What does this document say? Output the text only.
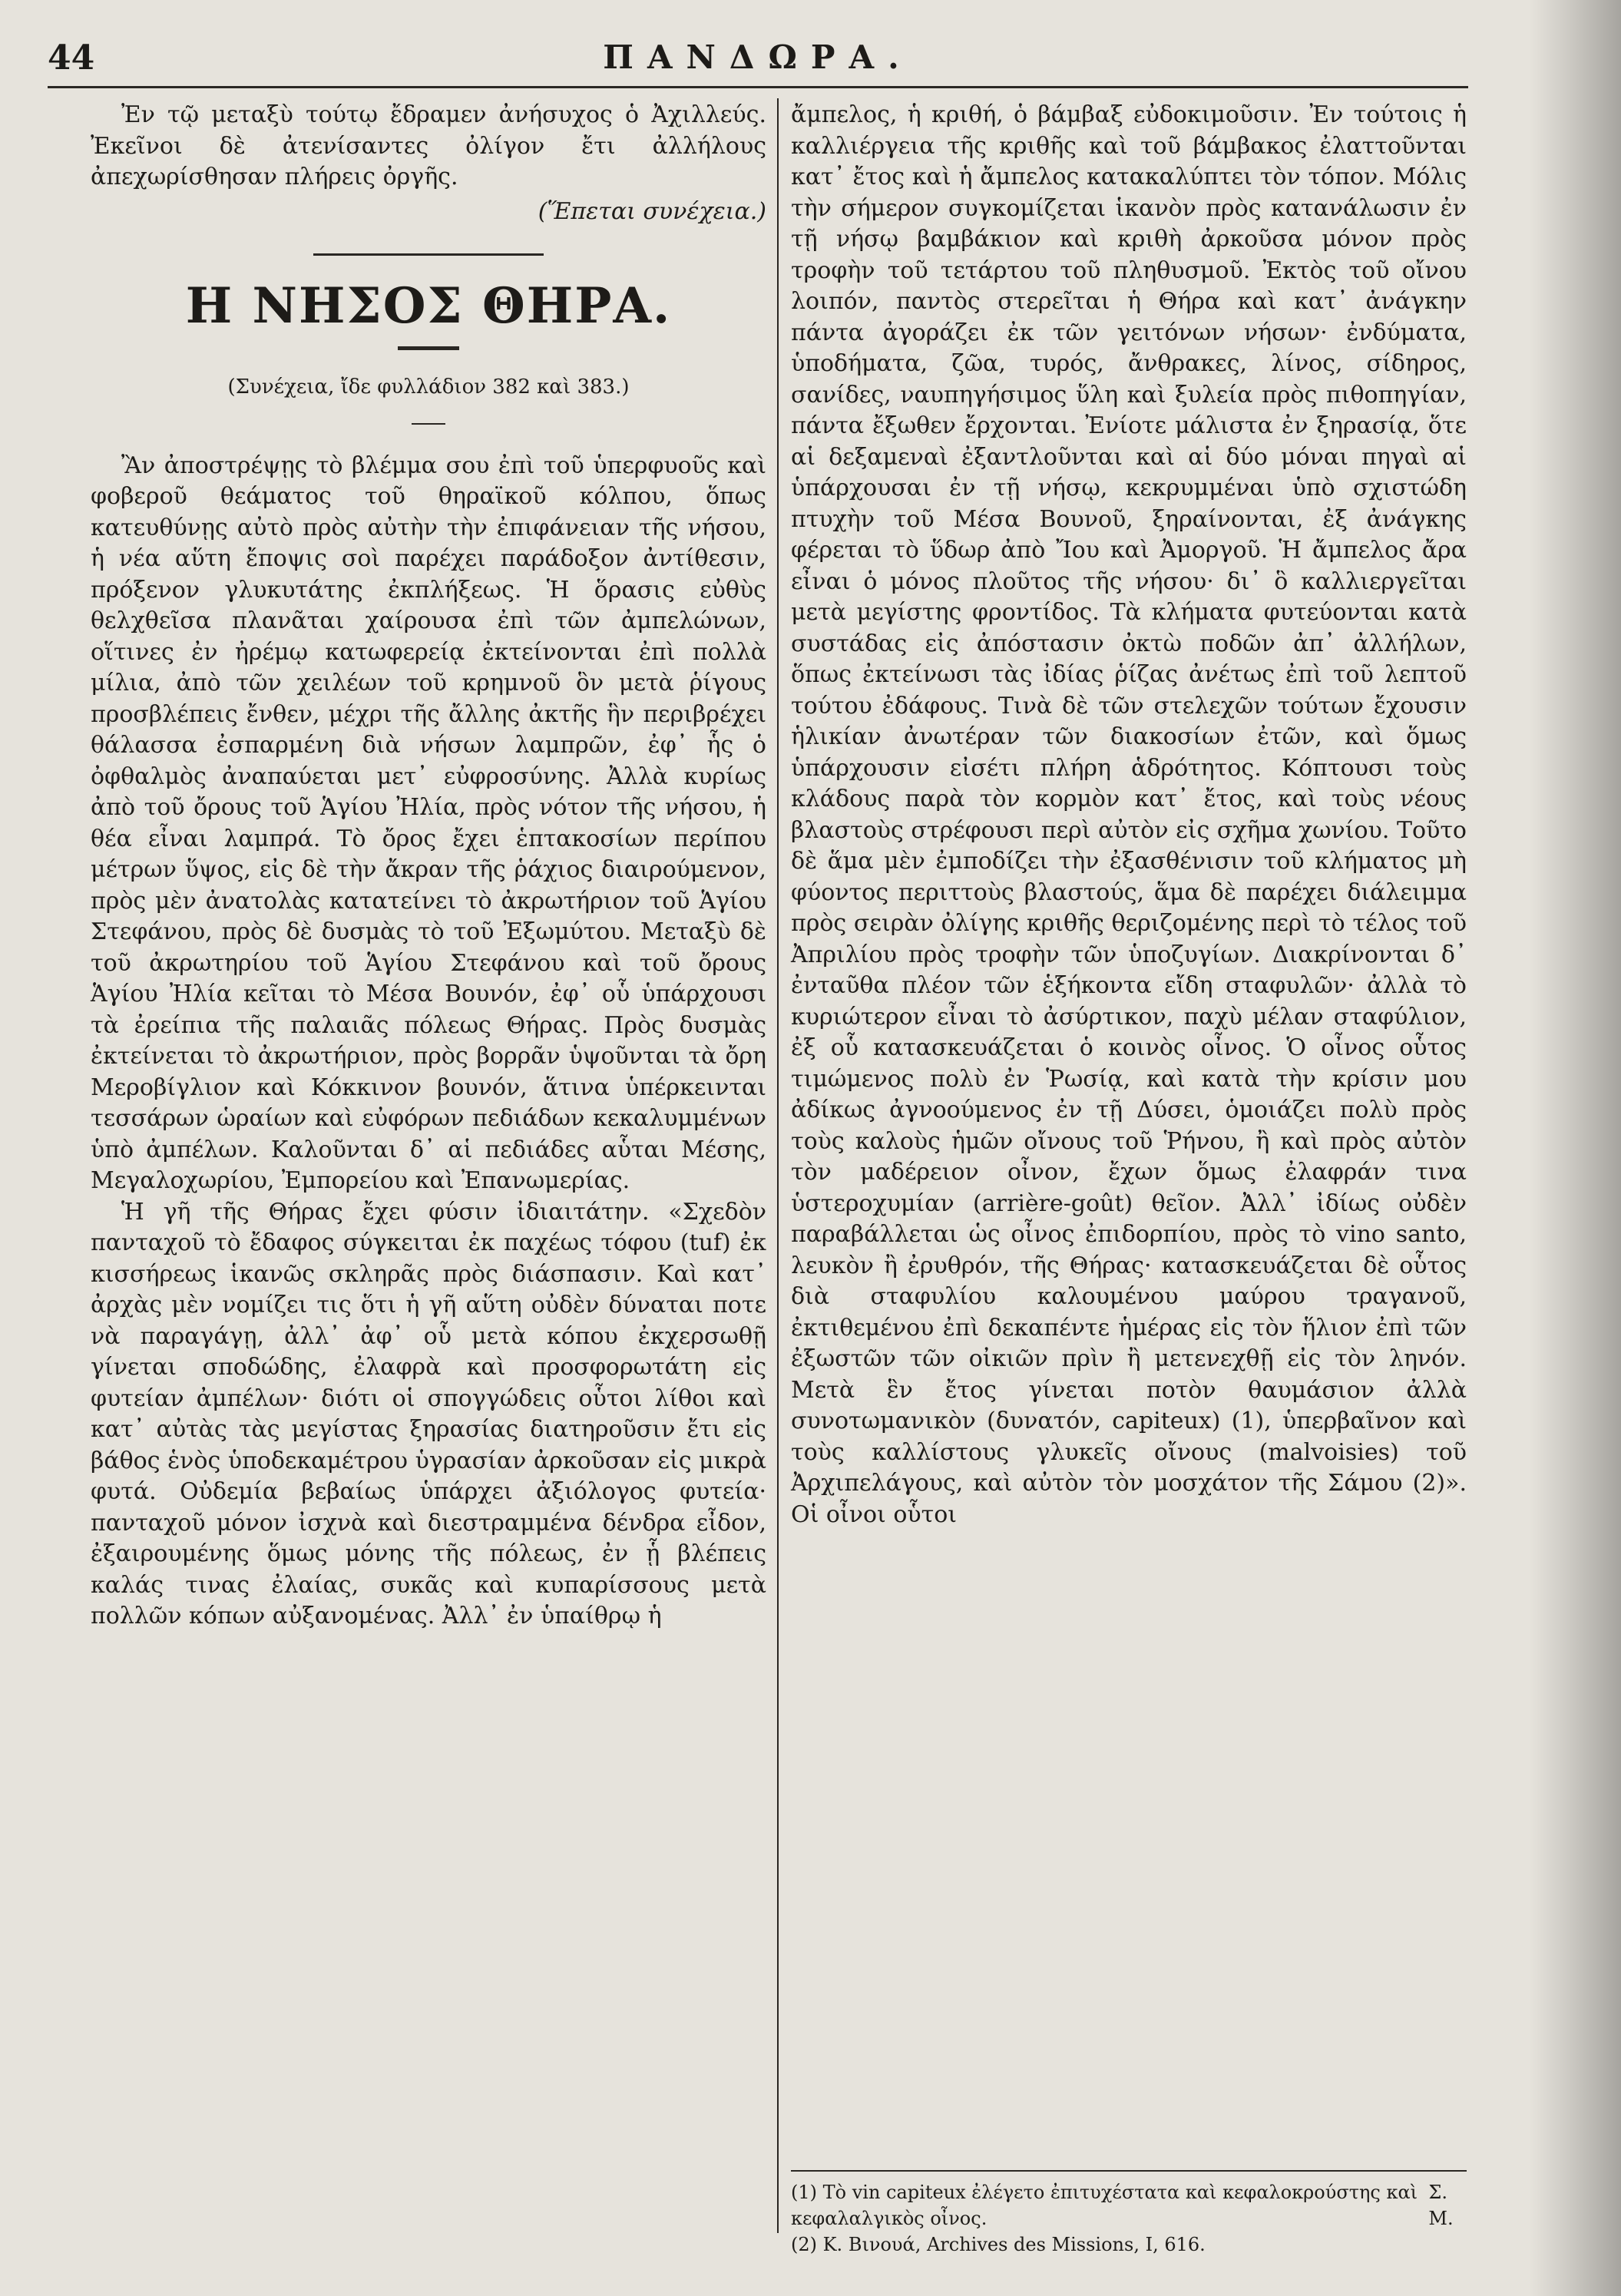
44	ΠΑΝΔΩΡΑ.

Ἐν τῷ μεταξὺ τούτῳ ἔδραμεν ἀνήσυχος ὁ Ἀχιλλεύς. Ἐκεῖνοι δὲ ἀτενίσαντες ὀλίγον ἔτι ἀλλήλους ἀπεχωρίσθησαν πλήρεις ὀργῆς.

(Ἕπεται συνέχεια.)

Η ΝΗΣΟΣ ΘΗΡΑ.

(Συνέχεια, ἴδε φυλλάδιον 382 καὶ 383.)

Ἂν ἀποστρέψῃς τὸ βλέμμα σου ἐπὶ τοῦ ὑπερφυοῦς καὶ φοβεροῦ θεάματος τοῦ θηραϊκοῦ κόλπου, ὅπως κατευθύνῃς αὐτὸ πρὸς αὐτὴν τὴν ἐπιφάνειαν τῆς νήσου, ἡ νέα αὕτη ἔποψις σοὶ παρέχει παράδοξον ἀντίθεσιν, πρόξενον γλυκυτάτης ἐκπλήξεως. Ἡ ὅρασις εὐθὺς θελχθεῖσα πλανᾶται χαίρουσα ἐπὶ τῶν ἀμπελώνων, οἵτινες ἐν ἠρέμῳ κατωφερείᾳ ἐκτείνονται ἐπὶ πολλὰ μίλια, ἀπὸ τῶν χειλέων τοῦ κρημνοῦ ὃν μετὰ ῥίγους προσβλέπεις ἔνθεν, μέχρι τῆς ἄλλης ἀκτῆς ἣν περιβρέχει θάλασσα ἐσπαρμένη διὰ νήσων λαμπρῶν, ἐφ᾽ ἧς ὁ ὀφθαλμὸς ἀναπαύεται μετ᾽ εὐφροσύνης. Ἀλλὰ κυρίως ἀπὸ τοῦ ὄρους τοῦ Ἁγίου Ἠλία, πρὸς νότον τῆς νήσου, ἡ θέα εἶναι λαμπρά. Τὸ ὄρος ἔχει ἑπτακοσίων περίπου μέτρων ὕψος, εἰς δὲ τὴν ἄκραν τῆς ῥάχιος διαιρούμενον, πρὸς μὲν ἀνατολὰς κατατείνει τὸ ἀκρωτήριον τοῦ Ἁγίου Στεφάνου, πρὸς δὲ δυσμὰς τὸ τοῦ Ἐξωμύτου. Μεταξὺ δὲ τοῦ ἀκρωτηρίου τοῦ Ἁγίου Στεφάνου καὶ τοῦ ὄρους Ἁγίου Ἠλία κεῖται τὸ Μέσα Βουνόν, ἐφ᾽ οὗ ὑπάρχουσι τὰ ἐρείπια τῆς παλαιᾶς πόλεως Θήρας. Πρὸς δυσμὰς ἐκτείνεται τὸ ἀκρωτήριον, πρὸς βορρᾶν ὑψοῦνται τὰ ὄρη Μεροβίγλιον καὶ Κόκκινον βουνόν, ἅτινα ὑπέρκεινται τεσσάρων ὡραίων καὶ εὐφόρων πεδιάδων κεκαλυμμένων ὑπὸ ἀμπέλων. Καλοῦνται δ᾽ αἱ πεδιάδες αὗται Μέσης, Μεγαλοχωρίου, Ἐμπορείου καὶ Ἐπανωμερίας.

Ἡ γῆ τῆς Θήρας ἔχει φύσιν ἰδιαιτάτην. «Σχεδὸν πανταχοῦ τὸ ἔδαφος σύγκειται ἐκ παχέως τόφου (tuf) ἐκ κισσήρεως ἱκανῶς σκληρᾶς πρὸς διάσπασιν. Καὶ κατ᾽ ἀρχὰς μὲν νομίζει τις ὅτι ἡ γῆ αὕτη οὐδὲν δύναται ποτε νὰ παραγάγῃ, ἀλλ᾽ ἀφ᾽ οὗ μετὰ κόπου ἐκχερσωθῇ γίνεται σποδώδης, ἐλαφρὰ καὶ προσφορωτάτη εἰς φυτείαν ἀμπέλων· διότι οἱ σπογγώδεις οὗτοι λίθοι καὶ κατ᾽ αὐτὰς τὰς μεγίστας ξηρασίας διατηροῦσιν ἔτι εἰς βάθος ἑνὸς ὑποδεκαμέτρου ὑγρασίαν ἀρκοῦσαν εἰς μικρὰ φυτά. Οὐδεμία βεβαίως ὑπάρχει ἀξιόλογος φυτεία· πανταχοῦ μόνον ἰσχνὰ καὶ διεστραμμένα δένδρα εἶδον, ἐξαιρουμένης ὅμως μόνης τῆς πόλεως, ἐν ᾗ βλέπεις καλάς τινας ἐλαίας, συκᾶς καὶ κυπαρίσσους μετὰ πολλῶν κόπων αὐξανομένας. Ἀλλ᾽ ἐν ὑπαίθρῳ ἡ

ἄμπελος, ἡ κριθή, ὁ βάμβαξ εὐδοκιμοῦσιν. Ἐν τούτοις ἡ καλλιέργεια τῆς κριθῆς καὶ τοῦ βάμβακος ἐλαττοῦνται κατ᾽ ἔτος καὶ ἡ ἄμπελος κατακαλύπτει τὸν τόπον. Μόλις τὴν σήμερον συγκομίζεται ἱκανὸν πρὸς κατανάλωσιν ἐν τῇ νήσῳ βαμβάκιον καὶ κριθὴ ἀρκοῦσα μόνον πρὸς τροφὴν τοῦ τετάρτου τοῦ πληθυσμοῦ. Ἐκτὸς τοῦ οἴνου λοιπόν, παντὸς στερεῖται ἡ Θήρα καὶ κατ᾽ ἀνάγκην πάντα ἀγοράζει ἐκ τῶν γειτόνων νήσων· ἐνδύματα, ὑποδήματα, ζῶα, τυρός, ἄνθρακες, λίνος, σίδηρος, σανίδες, ναυπηγήσιμος ὕλη καὶ ξυλεία πρὸς πιθοπηγίαν, πάντα ἔξωθεν ἔρχονται. Ἐνίοτε μάλιστα ἐν ξηρασίᾳ, ὅτε αἱ δεξαμεναὶ ἐξαντλοῦνται καὶ αἱ δύο μόναι πηγαὶ αἱ ὑπάρχουσαι ἐν τῇ νήσῳ, κεκρυμμέναι ὑπὸ σχιστώδη πτυχὴν τοῦ Μέσα Βουνοῦ, ξηραίνονται, ἐξ ἀνάγκης φέρεται τὸ ὕδωρ ἀπὸ Ἴου καὶ Ἀμοργοῦ. Ἡ ἄμπελος ἄρα εἶναι ὁ μόνος πλοῦτος τῆς νήσου· δι᾽ ὃ καλλιεργεῖται μετὰ μεγίστης φροντίδος. Τὰ κλήματα φυτεύονται κατὰ συστάδας εἰς ἀπόστασιν ὀκτὼ ποδῶν ἀπ᾽ ἀλλήλων, ὅπως ἐκτείνωσι τὰς ἰδίας ῥίζας ἀνέτως ἐπὶ τοῦ λεπτοῦ τούτου ἐδάφους. Τινὰ δὲ τῶν στελεχῶν τούτων ἔχουσιν ἡλικίαν ἀνωτέραν τῶν διακοσίων ἐτῶν, καὶ ὅμως ὑπάρχουσιν εἰσέτι πλήρη ἁδρότητος. Κόπτουσι τοὺς κλάδους παρὰ τὸν κορμὸν κατ᾽ ἔτος, καὶ τοὺς νέους βλαστοὺς στρέφουσι περὶ αὐτὸν εἰς σχῆμα χωνίου. Τοῦτο δὲ ἅμα μὲν ἐμποδίζει τὴν ἐξασθένισιν τοῦ κλήματος μὴ φύοντος περιττοὺς βλαστούς, ἅμα δὲ παρέχει διάλειμμα πρὸς σειρὰν ὀλίγης κριθῆς θεριζομένης περὶ τὸ τέλος τοῦ Ἀπριλίου πρὸς τροφὴν τῶν ὑποζυγίων. Διακρίνονται δ᾽ ἐνταῦθα πλέον τῶν ἑξήκοντα εἴδη σταφυλῶν· ἀλλὰ τὸ κυριώτερον εἶναι τὸ ἀσύρτικον, παχὺ μέλαν σταφύλιον, ἐξ οὗ κατασκευάζεται ὁ κοινὸς οἶνος. Ὁ οἶνος οὗτος τιμώμενος πολὺ ἐν Ῥωσίᾳ, καὶ κατὰ τὴν κρίσιν μου ἀδίκως ἀγνοούμενος ἐν τῇ Δύσει, ὁμοιάζει πολὺ πρὸς τοὺς καλοὺς ἡμῶν οἴνους τοῦ Ῥήνου, ἢ καὶ πρὸς αὐτὸν τὸν μαδέρειον οἶνον, ἔχων ὅμως ἐλαφράν τινα ὑστεροχυμίαν (arrière-goût) θεῖον. Ἀλλ᾽ ἰδίως οὐδὲν παραβάλλεται ὡς οἶνος ἐπιδορπίου, πρὸς τὸ vino santo, λευκὸν ἢ ἐρυθρόν, τῆς Θήρας· κατασκευάζεται δὲ οὗτος διὰ σταφυλίου καλουμένου μαύρου τραγανοῦ, ἐκτιθεμένου ἐπὶ δεκαπέντε ἡμέρας εἰς τὸν ἥλιον ἐπὶ τῶν ἐξωστῶν τῶν οἰκιῶν πρὶν ἢ μετενεχθῇ εἰς τὸν ληνόν. Μετὰ ἓν ἔτος γίνεται ποτὸν θαυμάσιον ἀλλὰ συνοτωμανικὸν (δυνατόν, capiteux) (1), ὑπερβαῖνον καὶ τοὺς καλλίστους γλυκεῖς οἴνους (malvoisies) τοῦ Ἀρχιπελάγους, καὶ αὐτὸν τὸν μοσχάτον τῆς Σάμου (2)». Οἱ οἶνοι οὗτοι

(1) Τὸ vin capiteux ἐλέγετο ἐπιτυχέστατα καὶ κεφαλοκρούστης καὶ κεφαλαλγικὸς οἶνος.
Σ. Μ.
(2) Κ. Βινουά, Archives des Missions, I, 616.
